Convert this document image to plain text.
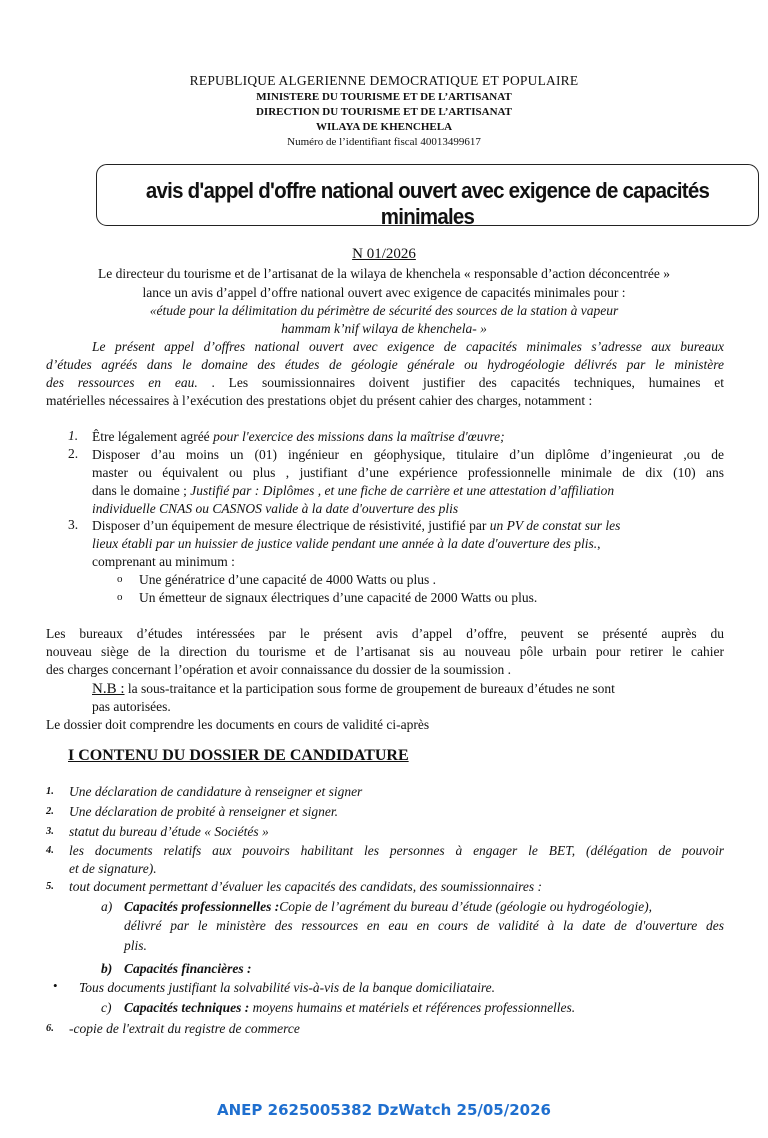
REPUBLIQUE ALGERIENNE DEMOCRATIQUE ET POPULAIRE
MINISTERE DU TOURISME ET DE L’ARTISANAT
DIRECTION DU TOURISME ET DE L’ARTISANAT
WILAYA DE KHENCHELA
Numéro de l’identifiant fiscal 40013499617
avis d'appel d'offre national ouvert avec exigence de capacités minimales
N 01/2026
Le directeur du tourisme et de l’artisanat de la wilaya de khenchela « responsable d’action déconcentrée »
lance un avis d’appel d’offre national ouvert avec exigence de capacités minimales pour :
«étude pour la délimitation du périmètre de sécurité des sources de la station à vapeur
hammam k’nif wilaya de khenchela- »
Le présent appel d’offres national ouvert avec exigence de capacités minimales s’adresse aux bureaux
d’études agréés dans le domaine des études de géologie générale ou hydrogéologie délivrés par le ministère
des ressources en eau. . Les soumissionnaires doivent justifier des capacités techniques, humaines et
matérielles nécessaires à l’exécution des prestations objet du présent cahier des charges, notamment :
1. Être légalement agréé pour l'exercice des missions dans la maîtrise d'œuvre;
2. Disposer d’au moins un (01) ingénieur en géophysique, titulaire d’un diplôme d’ingenieurat ,ou de
master ou équivalent ou plus , justifiant d’une expérience professionnelle minimale de dix (10) ans
dans le domaine ; Justifié par : Diplômes , et une fiche de carrière et une attestation d’affiliation
individuelle CNAS ou CASNOS valide à la date d'ouverture des plis
3. Disposer d’un équipement de mesure électrique de résistivité, justifié par un PV de constat sur les
lieux établi par un huissier de justice valide pendant une année à la date d'ouverture des plis.,
comprenant au minimum :
o Une génératrice d’une capacité de 4000 Watts ou plus .
o Un émetteur de signaux électriques d’une capacité de 2000 Watts ou plus.
Les bureaux d’études intéressées par le présent avis d’appel d’offre, peuvent se présenté auprès du
nouveau siège de la direction du tourisme et de l’artisanat sis au nouveau pôle urbain pour retirer le cahier
des charges concernant l’opération et avoir connaissance du dossier de la soumission .
N.B : la sous-traitance et la participation sous forme de groupement de bureaux d’études ne sont
pas autorisées.
Le dossier doit comprendre les documents en cours de validité ci-après
I CONTENU DU DOSSIER DE CANDIDATURE
1. Une déclaration de candidature à renseigner et signer
2. Une déclaration de probité à renseigner et signer.
3. statut du bureau d’étude « Sociétés »
4. les documents relatifs aux pouvoirs habilitant les personnes à engager le BET, (délégation de pouvoir
et de signature).
5. tout document permettant d’évaluer les capacités des candidats, des soumissionnaires :
a) Capacités professionnelles :Copie de l’agrément du bureau d’étude (géologie ou hydrogéologie),
délivré par le ministère des ressources en eau en cours de validité à la date de d'ouverture des
plis.
b) Capacités financières :
• Tous documents justifiant la solvabilité vis-à-vis de la banque domiciliataire.
c) Capacités techniques : moyens humains et matériels et références professionnelles.
6. -copie de l'extrait du registre de commerce
ANEP 2625005382 DzWatch 25/05/2026
